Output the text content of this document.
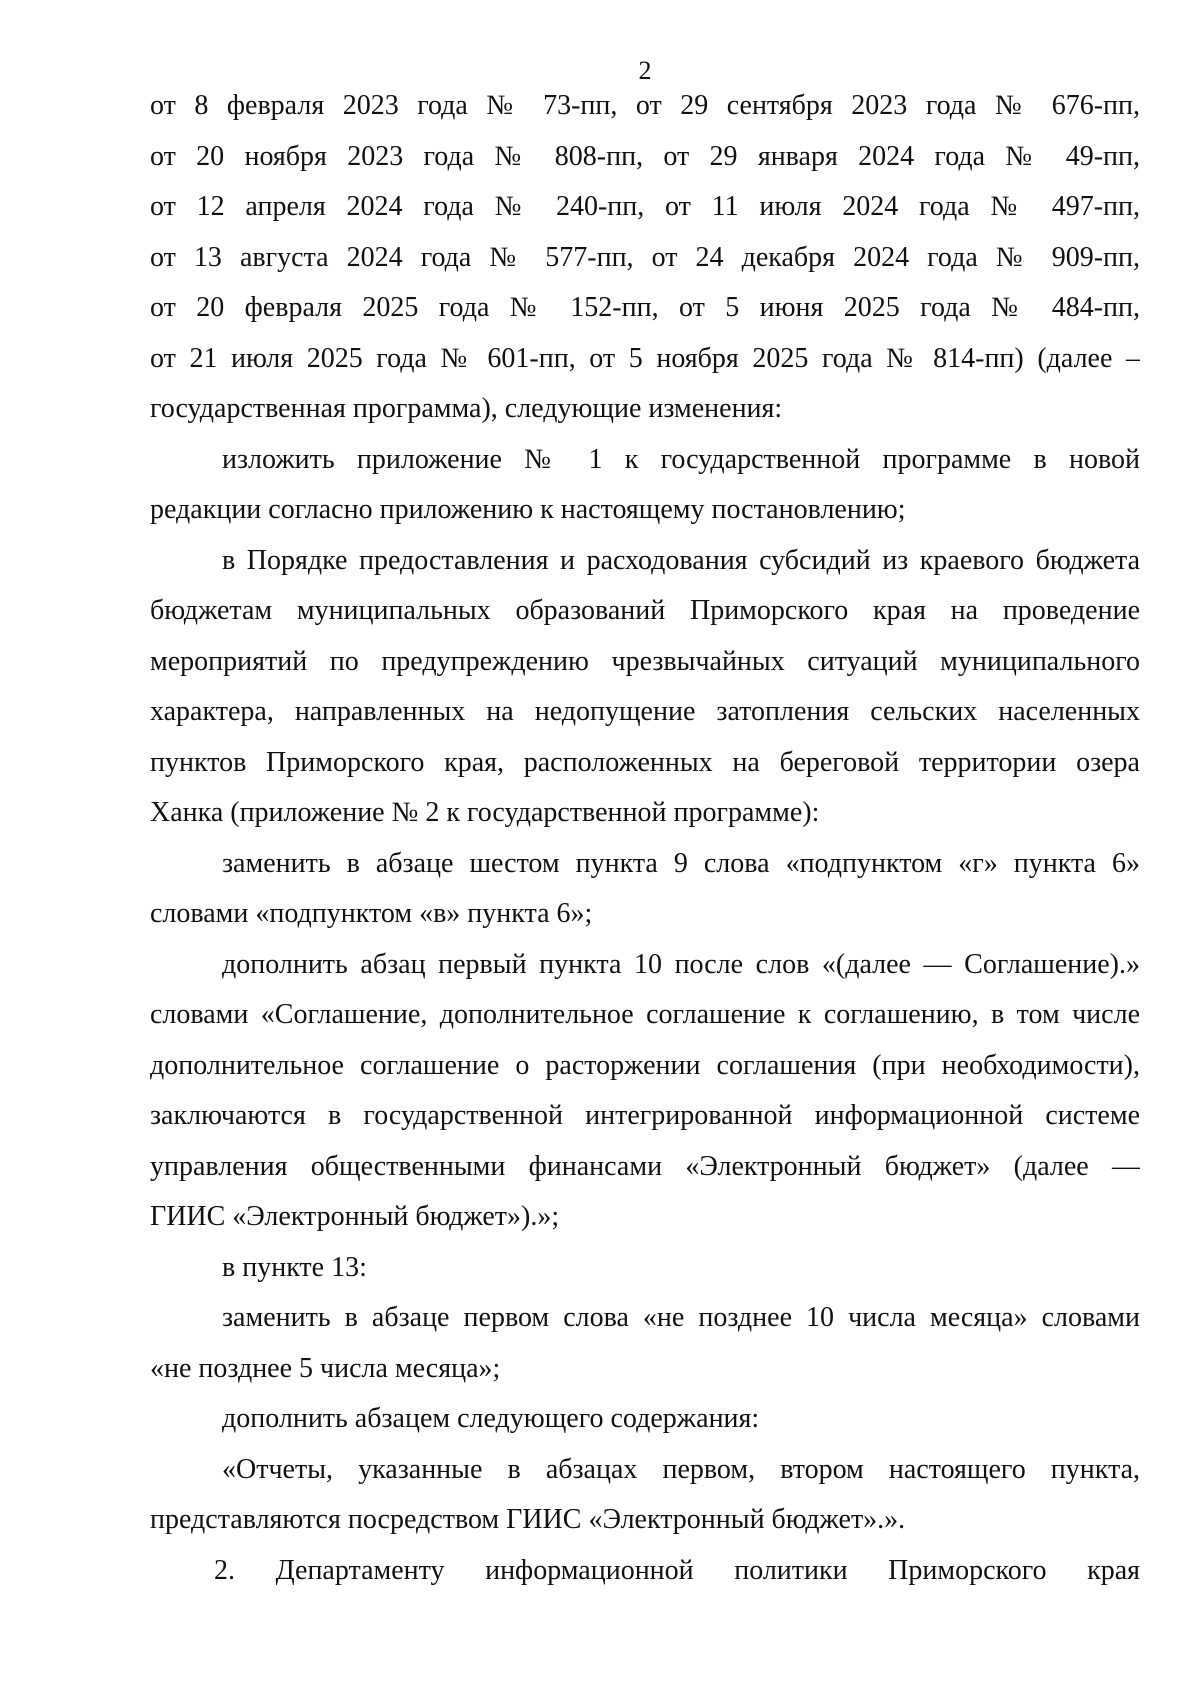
2
от 8 февраля 2023 года № 73-пп, от 29 сентября 2023 года № 676-пп,
от 20 ноября 2023 года № 808-пп, от 29 января 2024 года № 49-пп,
от 12 апреля 2024 года № 240-пп, от 11 июля 2024 года № 497-пп,
от 13 августа 2024 года № 577-пп, от 24 декабря 2024 года № 909-пп,
от 20 февраля 2025 года № 152-пп, от 5 июня 2025 года № 484-пп,
от 21 июля 2025 года № 601-пп, от 5 ноября 2025 года № 814-пп) (далее –
государственная программа), следующие изменения:
изложить приложение № 1 к государственной программе в новой
редакции согласно приложению к настоящему постановлению;
в Порядке предоставления и расходования субсидий из краевого бюджета
бюджетам муниципальных образований Приморского края на проведение
мероприятий по предупреждению чрезвычайных ситуаций муниципального
характера, направленных на недопущение затопления сельских населенных
пунктов Приморского края, расположенных на береговой территории озера
Ханка (приложение № 2 к государственной программе):
заменить в абзаце шестом пункта 9 слова «подпунктом «г» пункта 6»
словами «подпунктом «в» пункта 6»;
дополнить абзац первый пункта 10 после слов «(далее — Соглашение).»
словами «Соглашение, дополнительное соглашение к соглашению, в том числе
дополнительное соглашение о расторжении соглашения (при необходимости),
заключаются в государственной интегрированной информационной системе
управления общественными финансами «Электронный бюджет» (далее —
ГИИС «Электронный бюджет»).»;
в пункте 13:
заменить в абзаце первом слова «не позднее 10 числа месяца» словами
«не позднее 5 числа месяца»;
дополнить абзацем следующего содержания:
«Отчеты, указанные в абзацах первом, втором настоящего пункта,
представляются посредством ГИИС «Электронный бюджет».».
2. Департаменту информационной политики Приморского края
